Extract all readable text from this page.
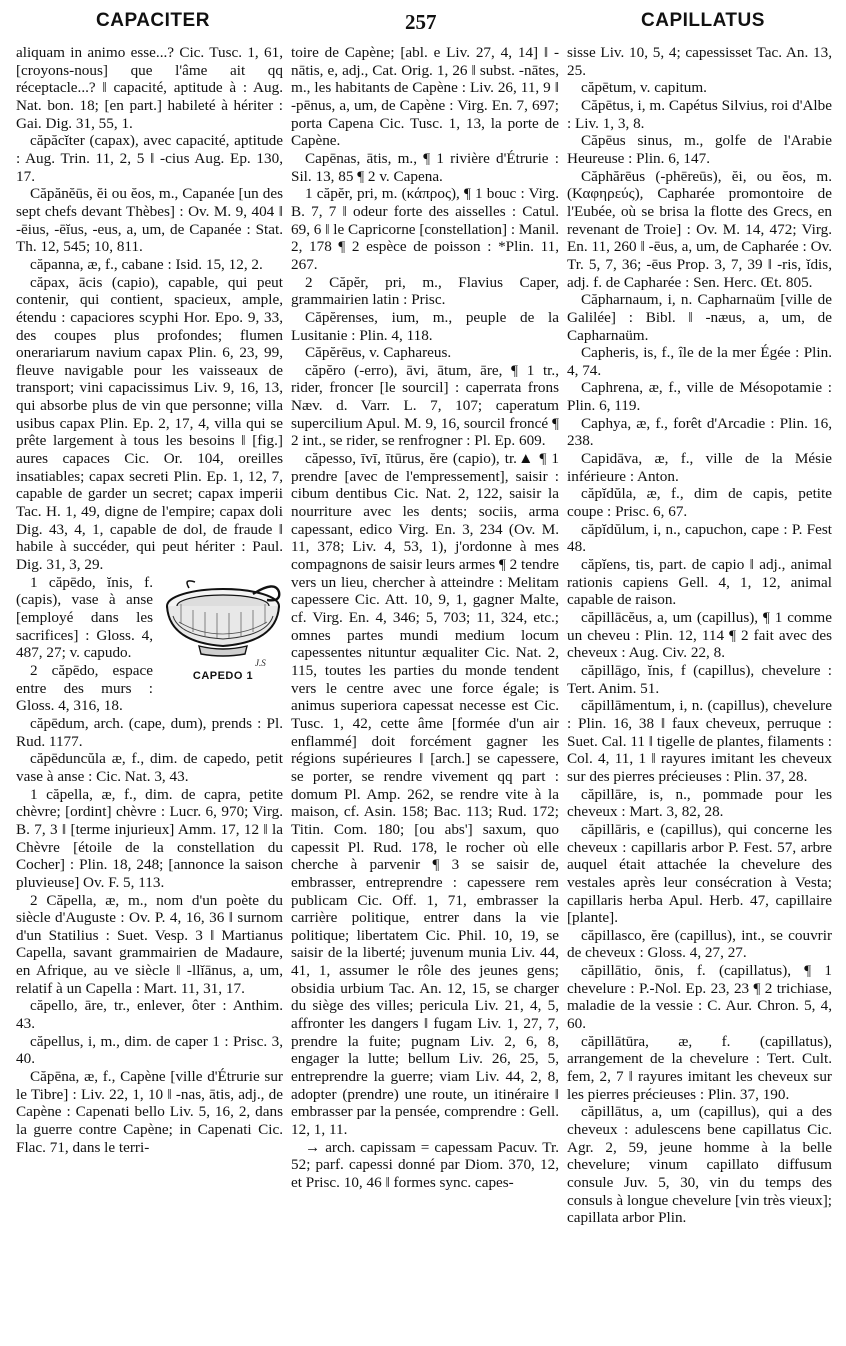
CAPACITER	257	CAPILLATUS

aliquam in animo esse...? Cic. Tusc. 1, 61, [croyons-nous] que l'âme ait qq réceptacle...? ‖ capacité, aptitude à : Aug. Nat. bon. 18; [en part.] habileté à hériter : Gai. Dig. 31, 55, 1.

căpăcĭter (capax), avec capacité, aptitude : Aug. Trin. 11, 2, 5 ‖ -cius Aug. Ep. 130, 17.

Căpănĕūs, ĕi ou ĕos, m., Capanée [un des sept chefs devant Thèbes] : Ov. M. 9, 404 ‖ -ēius, -ēĭus, -eus, a, um, de Capanée : Stat. Th. 12, 545; 10, 811.

căpanna, æ, f., cabane : Isid. 15, 12, 2.

căpax, ācis (capio), capable, qui peut contenir, qui contient, spacieux, ample, étendu : capaciores scyphi Hor. Epo. 9, 33, des coupes plus profondes; flumen onerariarum navium capax Plin. 6, 23, 99, fleuve navigable pour les vaisseaux de transport; vini capacissimus Liv. 9, 16, 13, qui absorbe plus de vin que personne; villa usibus capax Plin. Ep. 2, 17, 4, villa qui se prête largement à tous les besoins ‖ [fig.] aures capaces Cic. Or. 104, oreilles insatiables; capax secreti Plin. Ep. 1, 12, 7, capable de garder un secret; capax imperii Tac. H. 1, 49, digne de l'empire; capax doli Dig. 43, 4, 1, capable de dol, de fraude ‖ habile à succéder, qui peut hériter : Paul. Dig. 31, 3, 29.

J.S
CAPEDO 1

1 căpēdo, ĭnis, f. (capis), vase à anse [employé dans les sacrifices] : Gloss. 4, 487, 27; v. capudo.

2 căpēdo, espace entre des murs : Gloss. 4, 316, 18.

căpēdum, arch. (cape, dum), prends : Pl. Rud. 1177.

căpēduncŭla æ, f., dim. de capedo, petit vase à anse : Cic. Nat. 3, 43.

1 căpella, æ, f., dim. de capra, petite chèvre; [ordint] chèvre : Lucr. 6, 970; Virg. B. 7, 3 ‖ [terme injurieux] Amm. 17, 12 ‖ la Chèvre [étoile de la constellation du Cocher] : Plin. 18, 248; [annonce la saison pluvieuse] Ov. F. 5, 113.

2 Căpella, æ, m., nom d'un poète du siècle d'Auguste : Ov. P. 4, 16, 36 ‖ surnom d'un Statilius : Suet. Vesp. 3 ‖ Martianus Capella, savant grammairien de Madaure, en Afrique, au ve siècle ‖ -llĭānus, a, um, relatif à un Capella : Mart. 11, 31, 17.

căpello, āre, tr., enlever, ôter : Anthim. 43.

căpellus, i, m., dim. de caper 1 : Prisc. 3, 40.

Căpēna, æ, f., Capène [ville d'Étrurie sur le Tibre] : Liv. 22, 1, 10 ‖ -nas, ātis, adj., de Capène : Capenati bello Liv. 5, 16, 2, dans la guerre contre Capène; in Capenati Cic. Flac. 71, dans le terri-

toire de Capène; [abl. e Liv. 27, 4, 14] ‖ -nātis, e, adj., Cat. Orig. 1, 26 ‖ subst. -nātes, m., les habitants de Capène : Liv. 26, 11, 9 ‖ -pēnus, a, um, de Capène : Virg. En. 7, 697; porta Capena Cic. Tusc. 1, 13, la porte de Capène.

Capēnas, ātis, m., ¶ 1 rivière d'Étrurie : Sil. 13, 85 ¶ 2 v. Capena.

1 căpĕr, pri, m. (κάπρος), ¶ 1 bouc : Virg. B. 7, 7 ‖ odeur forte des aisselles : Catul. 69, 6 ‖ le Capricorne [constellation] : Manil. 2, 178 ¶ 2 espèce de poisson : *Plin. 11, 267.

2 Căpĕr, pri, m., Flavius Caper, grammairien latin : Prisc.

Căpĕrenses, ium, m., peuple de la Lusitanie : Plin. 4, 118.

Căpĕrēus, v. Caphareus.

căpĕro (-erro), āvi, ātum, āre, ¶ 1 tr., rider, froncer [le sourcil] : caperrata frons Næv. d. Varr. L. 7, 107; caperatum supercilium Apul. M. 9, 16, sourcil froncé ¶ 2 int., se rider, se renfrogner : Pl. Ep. 609.

căpesso, īvī, ītūrus, ĕre (capio), tr.▲ ¶ 1 prendre [avec de l'empressement], saisir : cibum dentibus Cic. Nat. 2, 122, saisir la nourriture avec les dents; sociis, arma capessant, edico Virg. En. 3, 234 (Ov. M. 11, 378; Liv. 4, 53, 1), j'ordonne à mes compagnons de saisir leurs armes ¶ 2 tendre vers un lieu, chercher à atteindre : Melitam capessere Cic. Att. 10, 9, 1, gagner Malte, cf. Virg. En. 4, 346; 5, 703; 11, 324, etc.; omnes partes mundi medium locum capessentes nituntur æqualiter Cic. Nat. 2, 115, toutes les parties du monde tendent vers le centre avec une force égale; is animus superiora capessat necesse est Cic. Tusc. 1, 42, cette âme [formée d'un air enflammé] doit forcément gagner les régions supérieures ‖ [arch.] se capessere, se porter, se rendre vivement qq part : domum Pl. Amp. 262, se rendre vite à la maison, cf. Asin. 158; Bac. 113; Rud. 172; Titin. Com. 180; [ou abs'] saxum, quo capessit Pl. Rud. 178, le rocher où elle cherche à parvenir ¶ 3 se saisir de, embrasser, entreprendre : capessere rem publicam Cic. Off. 1, 71, embrasser la carrière politique, entrer dans la vie politique; libertatem Cic. Phil. 10, 19, se saisir de la liberté; juvenum munia Liv. 44, 41, 1, assumer le rôle des jeunes gens; obsidia urbium Tac. An. 12, 15, se charger du siège des villes; pericula Liv. 21, 4, 5, affronter les dangers ‖ fugam Liv. 1, 27, 7, prendre la fuite; pugnam Liv. 2, 6, 8, engager la lutte; bellum Liv. 26, 25, 5, entreprendre la guerre; viam Liv. 44, 2, 8, adopter (prendre) une route, un itinéraire ‖ embrasser par la pensée, comprendre : Gell. 12, 1, 11.

→ arch. capissam = capessam Pacuv. Tr. 52; parf. capessi donné par Diom. 370, 12, et Prisc. 10, 46 ‖ formes sync. capes-

sisse Liv. 10, 5, 4; capessisset Tac. An. 13, 25.

căpētum, v. capitum.

Căpētus, i, m. Capétus Silvius, roi d'Albe : Liv. 1, 3, 8.

Căpēus sinus, m., golfe de l'Arabie Heureuse : Plin. 6, 147.

Căphărēus (-phēreūs), ĕi, ou ĕos, m. (Καφηρεύς), Capharée promontoire de l'Eubée, où se brisa la flotte des Grecs, en revenant de Troie] : Ov. M. 14, 472; Virg. En. 11, 260 ‖ -ēus, a, um, de Capharée : Ov. Tr. 5, 7, 36; -ēus Prop. 3, 7, 39 ‖ -ris, ĭdis, adj. f. de Capharée : Sen. Herc. Œt. 805.

Căpharnaum, i, n. Capharnaüm [ville de Galilée] : Bibl. ‖ -næus, a, um, de Capharnaüm.

Capheris, is, f., île de la mer Égée : Plin. 4, 74.

Caphrena, æ, f., ville de Mésopotamie : Plin. 6, 119.

Caphya, æ, f., forêt d'Arcadie : Plin. 16, 238.

Capidāva, æ, f., ville de la Mésie inférieure : Anton.

căpĭdŭla, æ, f., dim de capis, petite coupe : Prisc. 6, 67.

căpĭdŭlum, i, n., capuchon, cape : P. Fest 48.

căpĭens, tis, part. de capio ‖ adj., animal rationis capiens Gell. 4, 1, 12, animal capable de raison.

căpillācĕus, a, um (capillus), ¶ 1 comme un cheveu : Plin. 12, 114 ¶ 2 fait avec des cheveux : Aug. Civ. 22, 8.

căpillāgo, ĭnis, f (capillus), chevelure : Tert. Anim. 51.

căpillāmentum, i, n. (capillus), chevelure : Plin. 16, 38 ‖ faux cheveux, perruque : Suet. Cal. 11 ‖ tigelle de plantes, filaments : Col. 4, 11, 1 ‖ rayures imitant les cheveux sur des pierres précieuses : Plin. 37, 28.

căpillāre, is, n., pommade pour les cheveux : Mart. 3, 82, 28.

căpillāris, e (capillus), qui concerne les cheveux : capillaris arbor P. Fest. 57, arbre auquel était attachée la chevelure des vestales après leur consécration à Vesta; capillaris herba Apul. Herb. 47, capillaire [plante].

căpillasco, ĕre (capillus), int., se couvrir de cheveux : Gloss. 4, 27, 27.

căpillātio, ōnis, f. (capillatus), ¶ 1 chevelure : P.-Nol. Ep. 23, 23 ¶ 2 trichiase, maladie de la vessie : C. Aur. Chron. 5, 4, 60.

căpillātūra, æ, f. (capillatus), arrangement de la chevelure : Tert. Cult. fem, 2, 7 ‖ rayures imitant les cheveux sur les pierres précieuses : Plin. 37, 190.

căpillātus, a, um (capillus), qui a des cheveux : adulescens bene capillatus Cic. Agr. 2, 59, jeune homme à la belle chevelure; vinum capillato diffusum consule Juv. 5, 30, vin du temps des consuls à longue chevelure [vin très vieux]; capillata arbor Plin.
